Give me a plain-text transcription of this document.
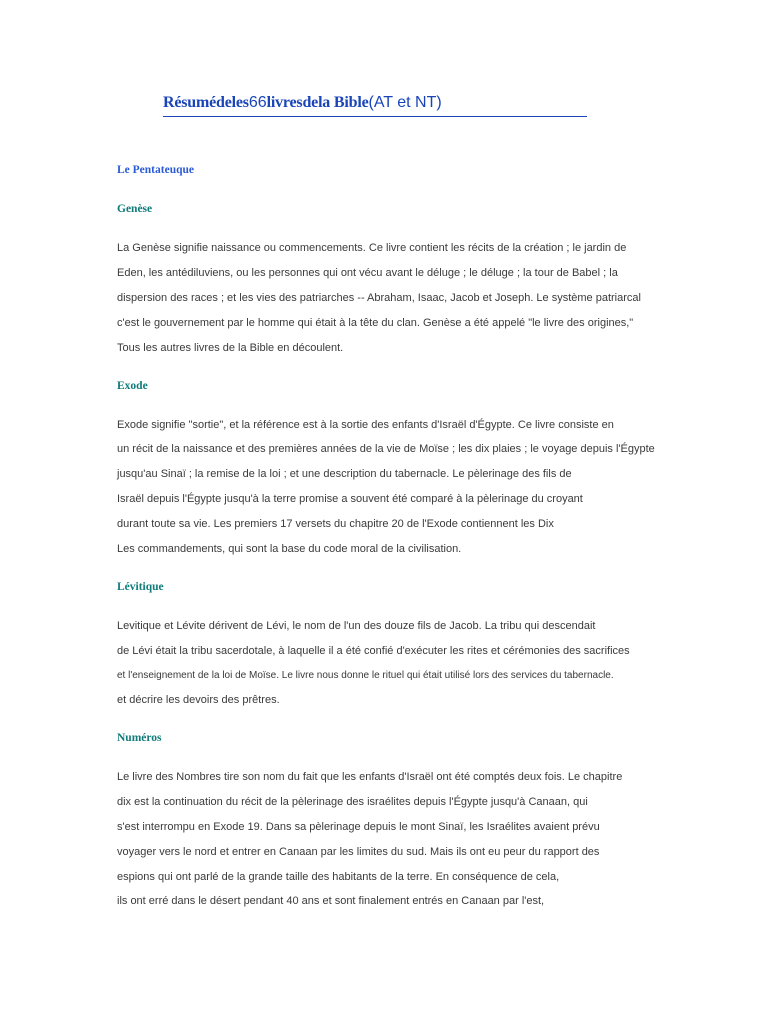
Résumédeles66livresdela Bible(AT et NT)
Le Pentateuque
Genèse
La Genèse signifie naissance ou commencements. Ce livre contient les récits de la création ; le jardin de
Eden, les antédiluviens, ou les personnes qui ont vécu avant le déluge ; le déluge ; la tour de Babel ; la
dispersion des races ; et les vies des patriarches -- Abraham, Isaac, Jacob et Joseph. Le système patriarcal
c'est le gouvernement par le homme qui était à la tête du clan. Genèse a été appelé "le livre des origines,"
Tous les autres livres de la Bible en découlent.
Exode
Exode signifie "sortie", et la référence est à la sortie des enfants d'Israël d'Égypte. Ce livre consiste en
un récit de la naissance et des premières années de la vie de Moïse ; les dix plaies ; le voyage depuis l'Égypte
jusqu'au Sinaï ; la remise de la loi ; et une description du tabernacle. Le pèlerinage des fils de
Israël depuis l'Égypte jusqu'à la terre promise a souvent été comparé à la pèlerinage du croyant
durant toute sa vie. Les premiers 17 versets du chapitre 20 de l'Exode contiennent les Dix
Les commandements, qui sont la base du code moral de la civilisation.
Lévitique
Levitique et Lévite dérivent de Lévi, le nom de l'un des douze fils de Jacob. La tribu qui descendait
de Lévi était la tribu sacerdotale, à laquelle il a été confié d'exécuter les rites et cérémonies des sacrifices
et l'enseignement de la loi de Moïse. Le livre nous donne le rituel qui était utilisé lors des services du tabernacle.
et décrire les devoirs des prêtres.
Numéros
Le livre des Nombres tire son nom du fait que les enfants d'Israël ont été comptés deux fois. Le chapitre
dix est la continuation du récit de la pèlerinage des israélites depuis l'Égypte jusqu'à Canaan, qui
s'est interrompu en Exode 19. Dans sa pèlerinage depuis le mont Sinaï, les Israélites avaient prévu
voyager vers le nord et entrer en Canaan par les limites du sud. Mais ils ont eu peur du rapport des
espions qui ont parlé de la grande taille des habitants de la terre. En conséquence de cela,
ils ont erré dans le désert pendant 40 ans et sont finalement entrés en Canaan par l'est,
